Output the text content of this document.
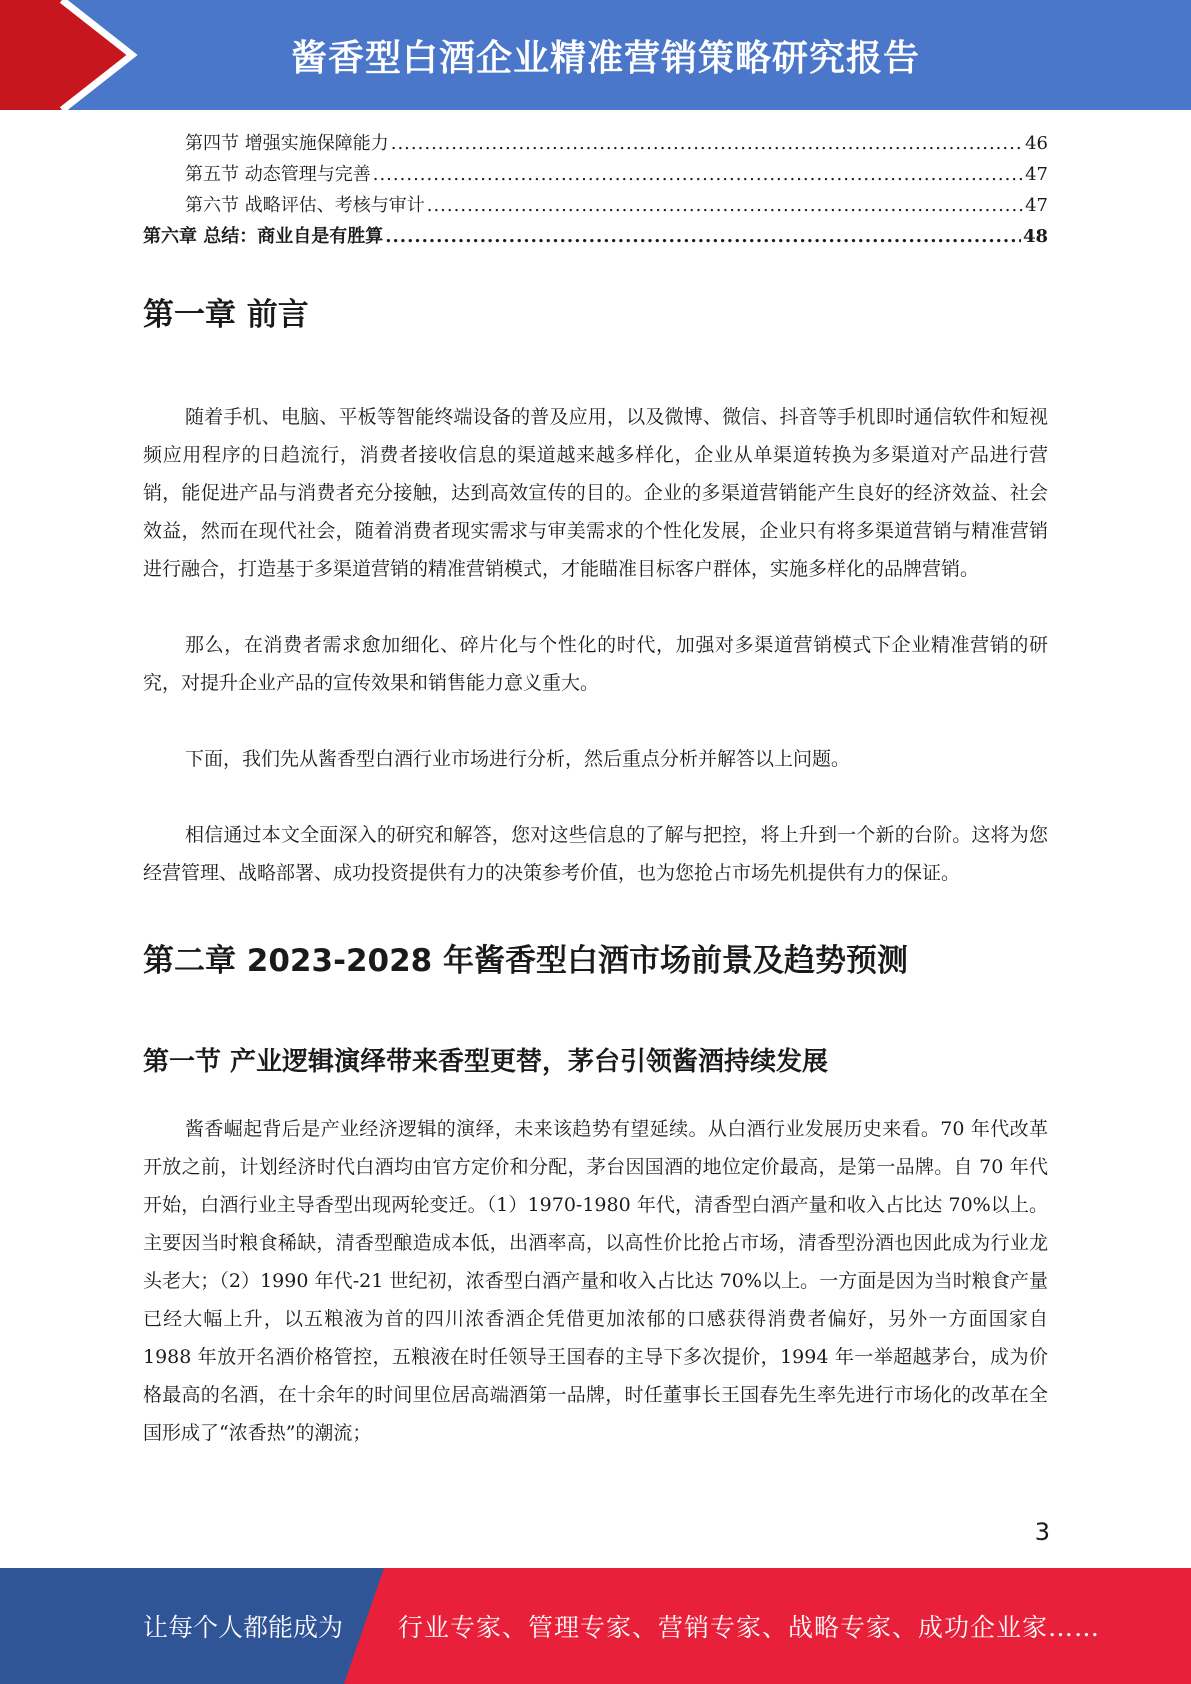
酱香型白酒企业精准营销策略研究报告
第四节 增强实施保障能力 .....	46
第五节 动态管理与完善 .....	47
第六节 战略评估、考核与审计 .....	47
第六章 总结：商业自是有胜算 .....	48
第一章 前言

随着手机、电脑、平板等智能终端设备的普及应用，以及微博、微信、抖音等手机即时通信软件和短视频应用程序的日趋流行，消费者接收信息的渠道越来越多样化，企业从单渠道转换为多渠道对产品进行营销，能促进产品与消费者充分接触，达到高效宣传的目的。企业的多渠道营销能产生良好的经济效益、社会效益，然而在现代社会，随着消费者现实需求与审美需求的个性化发展，企业只有将多渠道营销与精准营销进行融合，打造基于多渠道营销的精准营销模式，才能瞄准目标客户群体，实施多样化的品牌营销。

那么，在消费者需求愈加细化、碎片化与个性化的时代，加强对多渠道营销模式下企业精准营销的研究，对提升企业产品的宣传效果和销售能力意义重大。

下面，我们先从酱香型白酒行业市场进行分析，然后重点分析并解答以上问题。

相信通过本文全面深入的研究和解答，您对这些信息的了解与把控，将上升到一个新的台阶。这将为您经营管理、战略部署、成功投资提供有力的决策参考价值，也为您抢占市场先机提供有力的保证。

第二章 2023-2028 年酱香型白酒市场前景及趋势预测
第一节 产业逻辑演绎带来香型更替，茅台引领酱酒持续发展

酱香崛起背后是产业经济逻辑的演绎，未来该趋势有望延续。从白酒行业发展历史来看。70 年代改革开放之前，计划经济时代白酒均由官方定价和分配，茅台因国酒的地位定价最高，是第一品牌。自 70 年代开始，白酒行业主导香型出现两轮变迁。（1）1970-1980 年代，清香型白酒产量和收入占比达 70%以上。主要因当时粮食稀缺，清香型酿造成本低，出酒率高，以高性价比抢占市场，清香型汾酒也因此成为行业龙头老大；（2）1990 年代-21 世纪初，浓香型白酒产量和收入占比达 70%以上。一方面是因为当时粮食产量已经大幅上升，以五粮液为首的四川浓香酒企凭借更加浓郁的口感获得消费者偏好，另外一方面国家自 1988 年放开名酒价格管控，五粮液在时任领导王国春的主导下多次提价，1994 年一举超越茅台，成为价格最高的名酒，在十余年的时间里位居高端酒第一品牌，时任董事长王国春先生率先进行市场化的改革在全国形成了“浓香热”的潮流；

3
让每个人都能成为 行业专家、管理专家、营销专家、战略专家、成功企业家……
